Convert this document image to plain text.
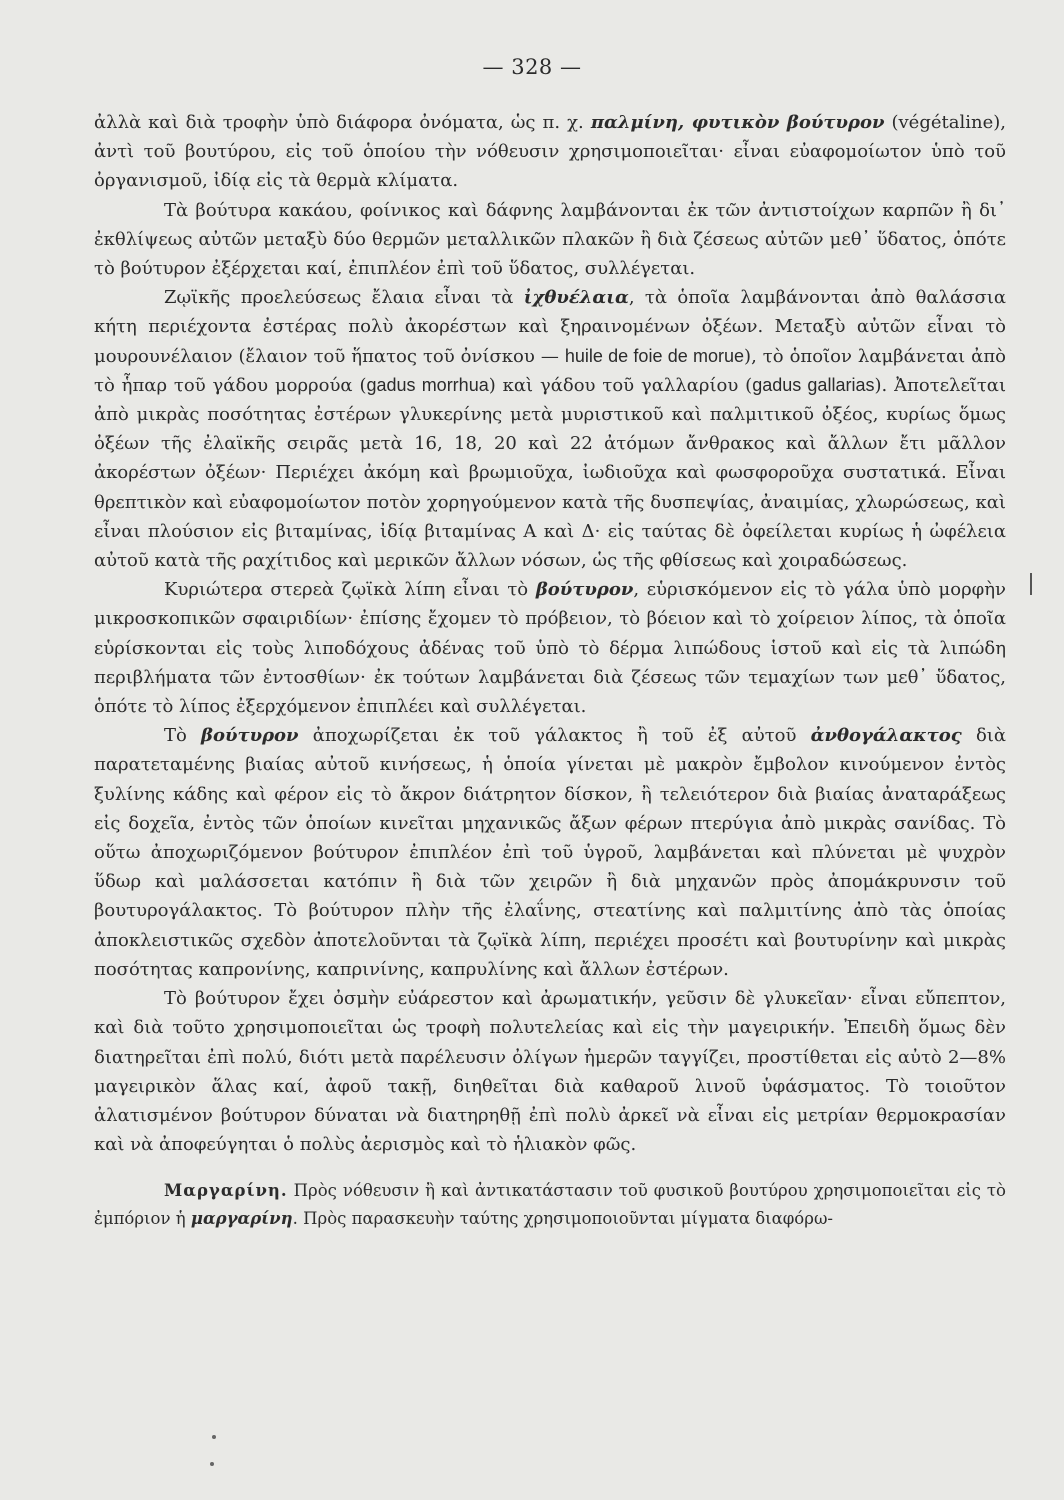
— 328 —

ἀλλὰ καὶ διὰ τροφὴν ὑπὸ διάφορα ὀνόματα, ὡς π. χ. παλμίνη, φυτικὸν βούτυρον (végétaline), ἀντὶ τοῦ βουτύρου, εἰς τοῦ ὁποίου τὴν νόθευσιν χρησιμοποιεῖται· εἶναι εὐαφομοίωτον ὑπὸ τοῦ ὀργανισμοῦ, ἰδίᾳ εἰς τὰ θερμὰ κλίματα.

Τὰ βούτυρα κακάου, φοίνικος καὶ δάφνης λαμβάνονται ἐκ τῶν ἀντιστοίχων καρπῶν ἢ δι᾿ ἐκθλίψεως αὐτῶν μεταξὺ δύο θερμῶν μεταλλικῶν πλακῶν ἢ διὰ ζέσεως αὐτῶν μεθ᾿ ὕδατος, ὁπότε τὸ βούτυρον ἐξέρχεται καί, ἐπιπλέον ἐπὶ τοῦ ὕδατος, συλλέγεται.

Ζῳϊκῆς προελεύσεως ἔλαια εἶναι τὰ ἰχθυέλαια, τὰ ὁποῖα λαμβάνονται ἀπὸ θαλάσσια κήτη περιέχοντα ἐστέρας πολὺ ἀκορέστων καὶ ξηραινομένων ὀξέων. Μεταξὺ αὐτῶν εἶναι τὸ μουρουνέλαιον (ἔλαιον τοῦ ἥπατος τοῦ ὀνίσκου — huile de foie de morue), τὸ ὁποῖον λαμβάνεται ἀπὸ τὸ ἧπαρ τοῦ γάδου μορρούα (gadus morrhua) καὶ γάδου τοῦ γαλλαρίου (gadus gallarias). Ἀποτελεῖται ἀπὸ μικρὰς ποσότητας ἐστέρων γλυκερίνης μετὰ μυριστικοῦ καὶ παλμιτικοῦ ὀξέος, κυρίως ὅμως ὀξέων τῆς ἐλαϊκῆς σειρᾶς μετὰ 16, 18, 20 καὶ 22 ἀτόμων ἄνθρακος καὶ ἄλλων ἔτι μᾶλλον ἀκορέστων ὀξέων· Περιέχει ἀκόμη καὶ βρωμιοῦχα, ἰωδιοῦχα καὶ φωσφοροῦχα συστατικά. Εἶναι θρεπτικὸν καὶ εὐαφομοίωτον ποτὸν χορηγούμενον κατὰ τῆς δυσπεψίας, ἀναιμίας, χλωρώσεως, καὶ εἶναι πλούσιον εἰς βιταμίνας, ἰδίᾳ βιταμίνας Α καὶ Δ· εἰς ταύτας δὲ ὀφείλεται κυρίως ἡ ὠφέλεια αὐτοῦ κατὰ τῆς ραχίτιδος καὶ μερικῶν ἄλλων νόσων, ὡς τῆς φθίσεως καὶ χοιραδώσεως.

Κυριώτερα στερεὰ ζῳϊκὰ λίπη εἶναι τὸ βούτυρον, εὑρισκόμενον εἰς τὸ γάλα ὑπὸ μορφὴν μικροσκοπικῶν σφαιριδίων· ἐπίσης ἔχομεν τὸ πρόβειον, τὸ βόειον καὶ τὸ χοίρειον λίπος, τὰ ὁποῖα εὑρίσκονται εἰς τοὺς λιποδόχους ἀδένας τοῦ ὑπὸ τὸ δέρμα λιπώδους ἱστοῦ καὶ εἰς τὰ λιπώδη περιβλήματα τῶν ἐντοσθίων· ἐκ τούτων λαμβάνεται διὰ ζέσεως τῶν τεμαχίων των μεθ᾿ ὕδατος, ὁπότε τὸ λίπος ἐξερχόμενον ἐπιπλέει καὶ συλλέγεται.

Τὸ βούτυρον ἀποχωρίζεται ἐκ τοῦ γάλακτος ἢ τοῦ ἐξ αὐτοῦ ἀνθογάλακτος διὰ παρατεταμένης βιαίας αὐτοῦ κινήσεως, ἡ ὁποία γίνεται μὲ μακρὸν ἔμβολον κινούμενον ἐντὸς ξυλίνης κάδης καὶ φέρον εἰς τὸ ἄκρον διάτρητον δίσκον, ἢ τελειότερον διὰ βιαίας ἀναταράξεως εἰς δοχεῖα, ἐντὸς τῶν ὁποίων κινεῖται μηχανικῶς ἄξων φέρων πτερύγια ἀπὸ μικρὰς σανίδας. Τὸ οὕτω ἀποχωριζόμενον βούτυρον ἐπιπλέον ἐπὶ τοῦ ὑγροῦ, λαμβάνεται καὶ πλύνεται μὲ ψυχρὸν ὕδωρ καὶ μαλάσσεται κατόπιν ἢ διὰ τῶν χειρῶν ἢ διὰ μηχανῶν πρὸς ἀπομάκρυνσιν τοῦ βουτυρογάλακτος. Τὸ βούτυρον πλὴν τῆς ἐλαΐνης, στεατίνης καὶ παλμιτίνης ἀπὸ τὰς ὁποίας ἀποκλειστικῶς σχεδὸν ἀποτελοῦνται τὰ ζῳϊκὰ λίπη, περιέχει προσέτι καὶ βουτυρίνην καὶ μικρὰς ποσότητας καπρονίνης, καπρινίνης, καπρυλίνης καὶ ἄλλων ἐστέρων.

Τὸ βούτυρον ἔχει ὀσμὴν εὐάρεστον καὶ ἀρωματικήν, γεῦσιν δὲ γλυκεῖαν· εἶναι εὔπεπτον, καὶ διὰ τοῦτο χρησιμοποιεῖται ὡς τροφὴ πολυτελείας καὶ εἰς τὴν μαγειρικήν. Ἐπειδὴ ὅμως δὲν διατηρεῖται ἐπὶ πολύ, διότι μετὰ παρέλευσιν ὀλίγων ἡμερῶν ταγγίζει, προστίθεται εἰς αὐτὸ 2—8% μαγειρικὸν ἅλας καί, ἀφοῦ τακῇ, διηθεῖται διὰ καθαροῦ λινοῦ ὑφάσματος. Τὸ τοιοῦτον ἀλατισμένον βούτυρον δύναται νὰ διατηρηθῇ ἐπὶ πολὺ ἀρκεῖ νὰ εἶναι εἰς μετρίαν θερμοκρασίαν καὶ νὰ ἀποφεύγηται ὁ πολὺς ἀερισμὸς καὶ τὸ ἡλιακὸν φῶς.

Μαργαρίνη. Πρὸς νόθευσιν ἢ καὶ ἀντικατάστασιν τοῦ φυσικοῦ βουτύρου χρησιμοποιεῖται εἰς τὸ ἐμπόριον ἡ μαργαρίνη. Πρὸς παρασκευὴν ταύτης χρησιμοποιοῦνται μίγματα διαφόρω-
